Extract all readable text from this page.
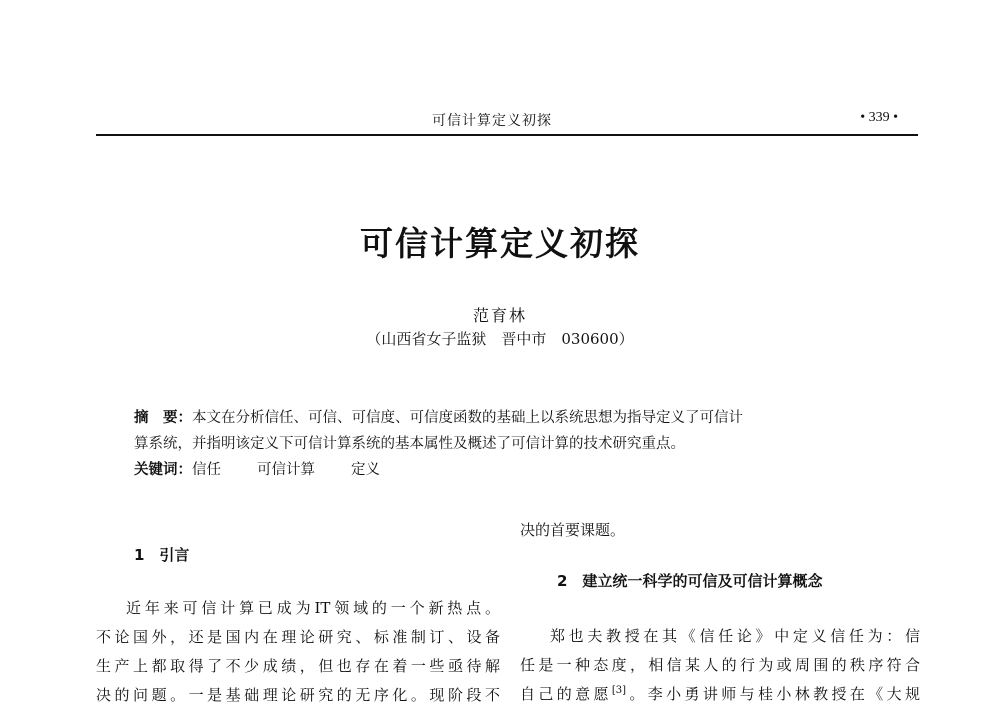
可信计算定义初探	• 339 •
可信计算定义初探
范育林
（山西省女子监狱　晋中市　030600）
摘　要：本文在分析信任、可信、可信度、可信度函数的基础上以系统思想为指导定义了可信计
算系统，并指明该定义下可信计算系统的基本属性及概述了可信计算的技术研究重点。
关键词：信任 可信计算 定义
1　引言
近年来可信计算已成为IT领域的一个新热点。
不论国外，还是国内在理论研究、标准制订、设备
生产上都取得了不少成绩，但也存在着一些亟待解
决的问题。一是基础理论研究的无序化。现阶段不
决的首要课题。
2　建立统一科学的可信及可信计算概念
郑也夫教授在其《信任论》中定义信任为：信
任是一种态度，相信某人的行为或周围的秩序符合
自己的意愿[3]。李小勇讲师与桂小林教授在《大规
